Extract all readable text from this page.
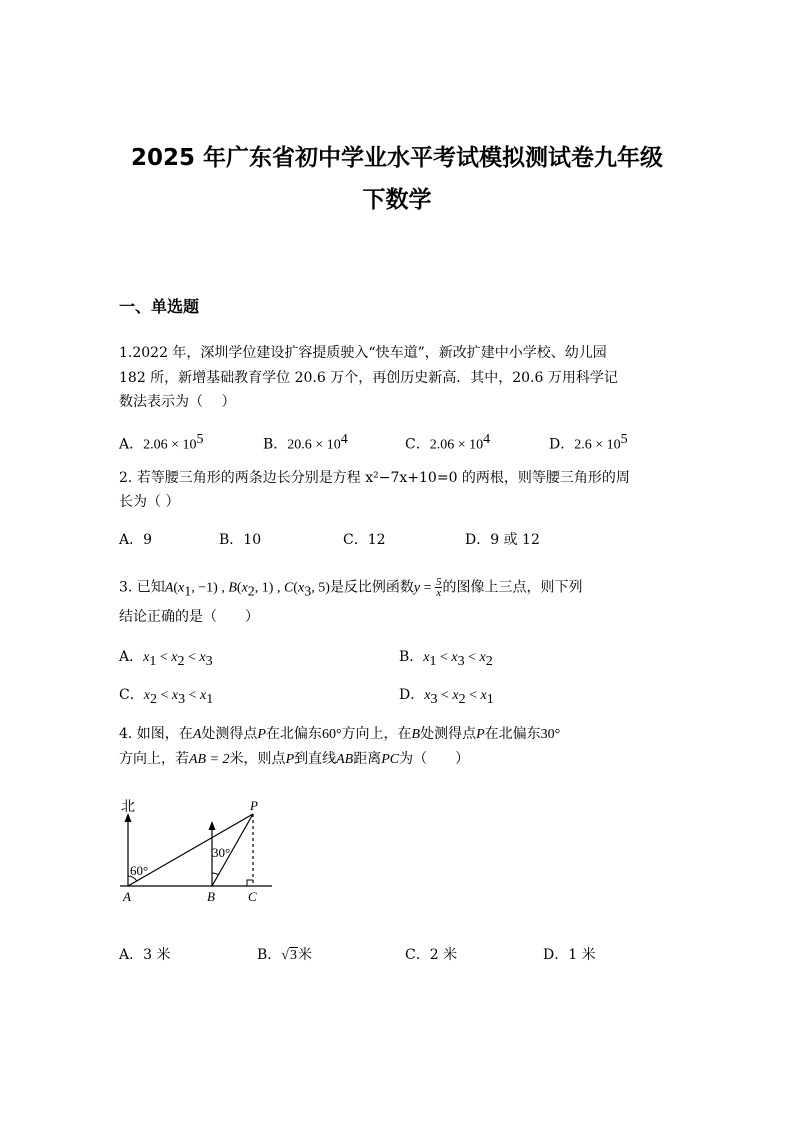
2025 年广东省初中学业水平考试模拟测试卷九年级
下数学
一、单选题
1.2022 年，深圳学位建设扩容提质驶入“快车道”，新改扩建中小学校、幼儿园
182 所，新增基础教育学位 20.6 万个，再创历史新高．其中，20.6 万用科学记
数法表示为（　 ）
A．$2.06 \times 10^5$	B．$20.6 \times 10^4$	C．$2.06 \times 10^4$	D．$2.6 \times 10^5$
2. 若等腰三角形的两条边长分别是方程 x²−7x+10=0 的两根，则等腰三角形的周
长为（ ）
A．9	B．10	C．12	D．9 或 12
3. 已知$A(x_1$, −1) , $B(x_2$, 1) , $C(x_3$, 5)是反比例函数$y = \frac{5}{x}$ 的图像上三点，则下列
结论正确的是（　　）
A．$x_1 < x_2 < x_3$	B．$x_1 < x_3 < x_2$
C．$x_2 < x_3 < x_1$	D．$x_3 < x_2 < x_1$
4. 如图，在A处测得点P在北偏东60°方向上，在B处测得点P在北偏东30°
方向上，若AB = 2米，则点P到直线AB距离PC为（　　）
北
60°
30°
A	B	C
P
A．3 米	B．√3米	C．2 米	D．1 米
